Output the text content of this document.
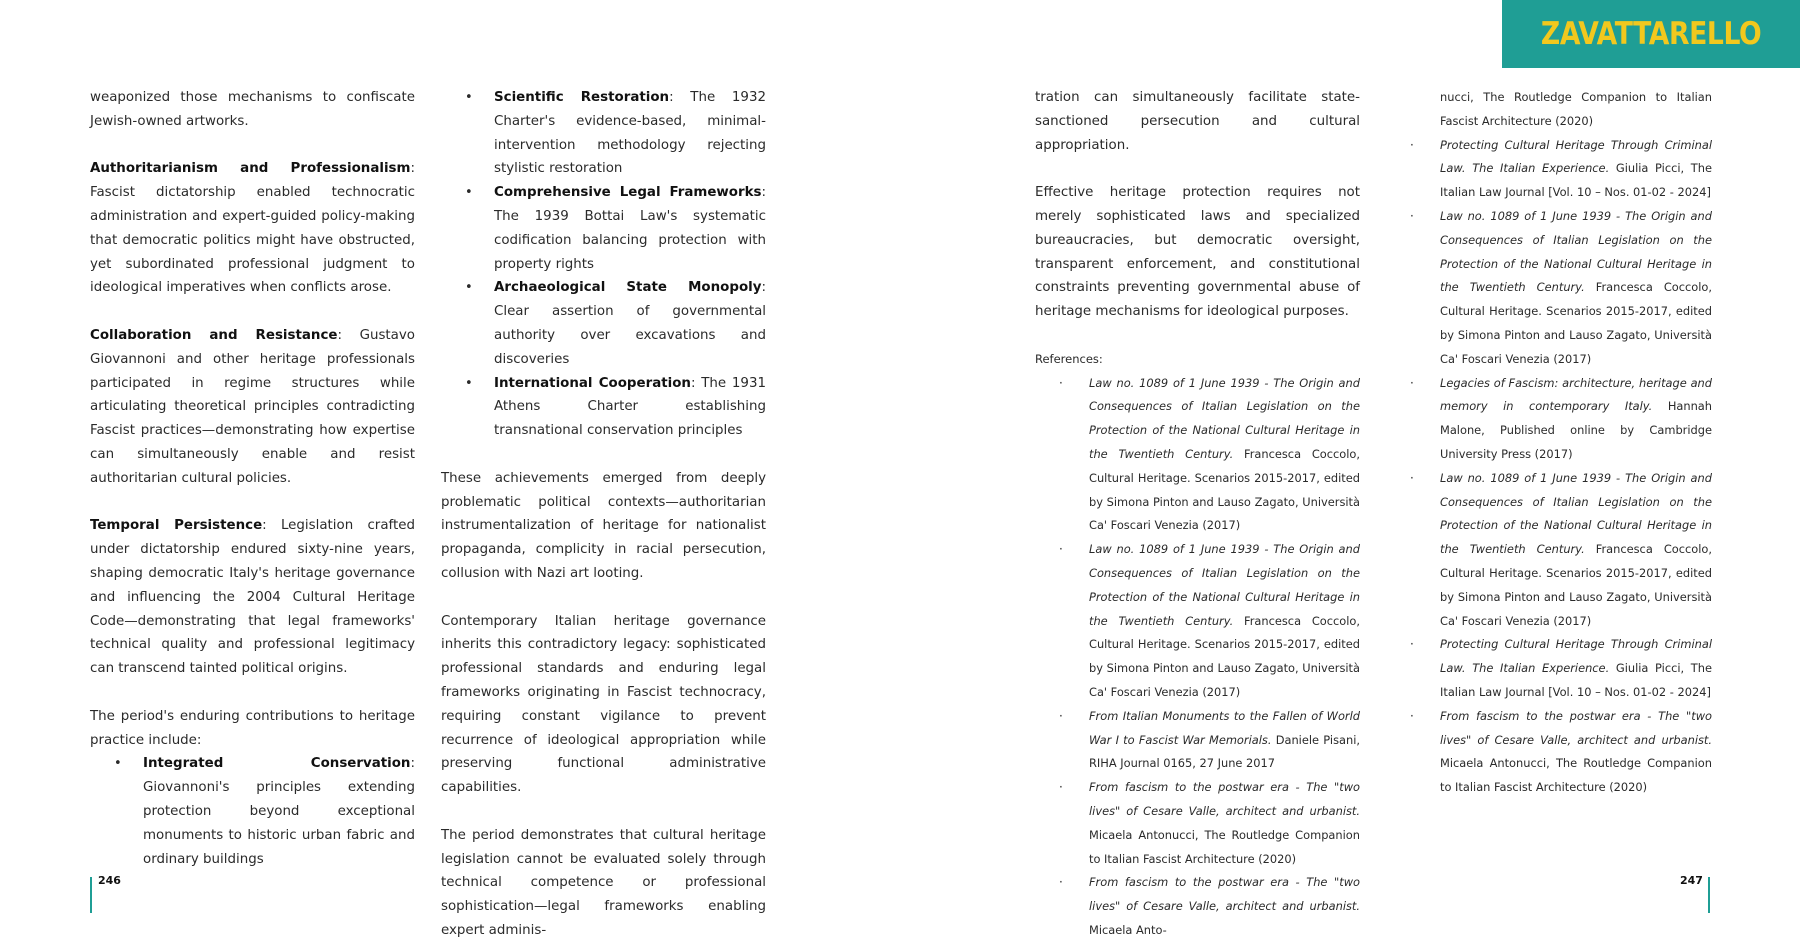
ZAVATTARELLO

weaponized those mechanisms to confiscate Jewish-owned artworks.

Authoritarianism and Professionalism: Fascist dictatorship enabled technocratic administration and expert-guided policy-making that democratic politics might have obstructed, yet subordinated professional judgment to ideological imperatives when conflicts arose.

Collaboration and Resistance: Gustavo Giovannoni and other heritage professionals participated in regime structures while articulating theoretical principles contradicting Fascist practices—demonstrating how expertise can simultaneously enable and resist authoritarian cultural policies.

Temporal Persistence: Legislation crafted under dictatorship endured sixty-nine years, shaping democratic Italy's heritage governance and influencing the 2004 Cultural Heritage Code—demonstrating that legal frameworks' technical quality and professional legitimacy can transcend tainted political origins.

The period's enduring contributions to heritage practice include:

• Integrated Conservation: Giovannoni's principles extending protection beyond exceptional monuments to historic urban fabric and ordinary buildings
• Scientific Restoration: The 1932 Charter's evidence-based, minimal-intervention methodology rejecting stylistic restoration
• Comprehensive Legal Frameworks: The 1939 Bottai Law's systematic codification balancing protection with property rights
• Archaeological State Monopoly: Clear assertion of governmental authority over excavations and discoveries
• International Cooperation: The 1931 Athens Charter establishing transnational conservation principles

These achievements emerged from deeply problematic political contexts—authoritarian instrumentalization of heritage for nationalist propaganda, complicity in racial persecution, collusion with Nazi art looting.

Contemporary Italian heritage governance inherits this contradictory legacy: sophisticated professional standards and enduring legal frameworks originating in Fascist technocracy, requiring constant vigilance to prevent recurrence of ideological appropriation while preserving functional administrative capabilities.

The period demonstrates that cultural heritage legislation cannot be evaluated solely through technical competence or professional sophistication—legal frameworks enabling expert adminis-

246

tration can simultaneously facilitate state-sanctioned persecution and cultural appropriation.

Effective heritage protection requires not merely sophisticated laws and specialized bureaucracies, but democratic oversight, transparent enforcement, and constitutional constraints preventing governmental abuse of heritage mechanisms for ideological purposes.

References:

· Law no. 1089 of 1 June 1939 - The Origin and Consequences of Italian Legislation on the Protection of the National Cultural Heritage in the Twentieth Century. Francesca Coccolo, Cultural Heritage. Scenarios 2015-2017, edited by Simona Pinton and Lauso Zagato, Università Ca' Foscari Venezia (2017)
· Law no. 1089 of 1 June 1939 - The Origin and Consequences of Italian Legislation on the Protection of the National Cultural Heritage in the Twentieth Century. Francesca Coccolo, Cultural Heritage. Scenarios 2015-2017, edited by Simona Pinton and Lauso Zagato, Università Ca' Foscari Venezia (2017)
· From Italian Monuments to the Fallen of World War I to Fascist War Memorials. Daniele Pisani, RIHA Journal 0165, 27 June 2017
· From fascism to the postwar era - The "two lives" of Cesare Valle, architect and urbanist. Micaela Antonucci, The Routledge Companion to Italian Fascist Architecture (2020)
· From fascism to the postwar era - The "two lives" of Cesare Valle, architect and urbanist. Micaela Anto-
nucci, The Routledge Companion to Italian Fascist Architecture (2020)
· Protecting Cultural Heritage Through Criminal Law. The Italian Experience. Giulia Picci, The Italian Law Journal [Vol. 10 – Nos. 01-02 - 2024]
· Law no. 1089 of 1 June 1939 - The Origin and Consequences of Italian Legislation on the Protection of the National Cultural Heritage in the Twentieth Century. Francesca Coccolo, Cultural Heritage. Scenarios 2015-2017, edited by Simona Pinton and Lauso Zagato, Università Ca' Foscari Venezia (2017)
· Legacies of Fascism: architecture, heritage and memory in contemporary Italy. Hannah Malone, Published online by Cambridge University Press (2017)
· Law no. 1089 of 1 June 1939 - The Origin and Consequences of Italian Legislation on the Protection of the National Cultural Heritage in the Twentieth Century. Francesca Coccolo, Cultural Heritage. Scenarios 2015-2017, edited by Simona Pinton and Lauso Zagato, Università Ca' Foscari Venezia (2017)
· Protecting Cultural Heritage Through Criminal Law. The Italian Experience. Giulia Picci, The Italian Law Journal [Vol. 10 – Nos. 01-02 - 2024]
· From fascism to the postwar era - The "two lives" of Cesare Valle, architect and urbanist. Micaela Antonucci, The Routledge Companion to Italian Fascist Architecture (2020)
247
